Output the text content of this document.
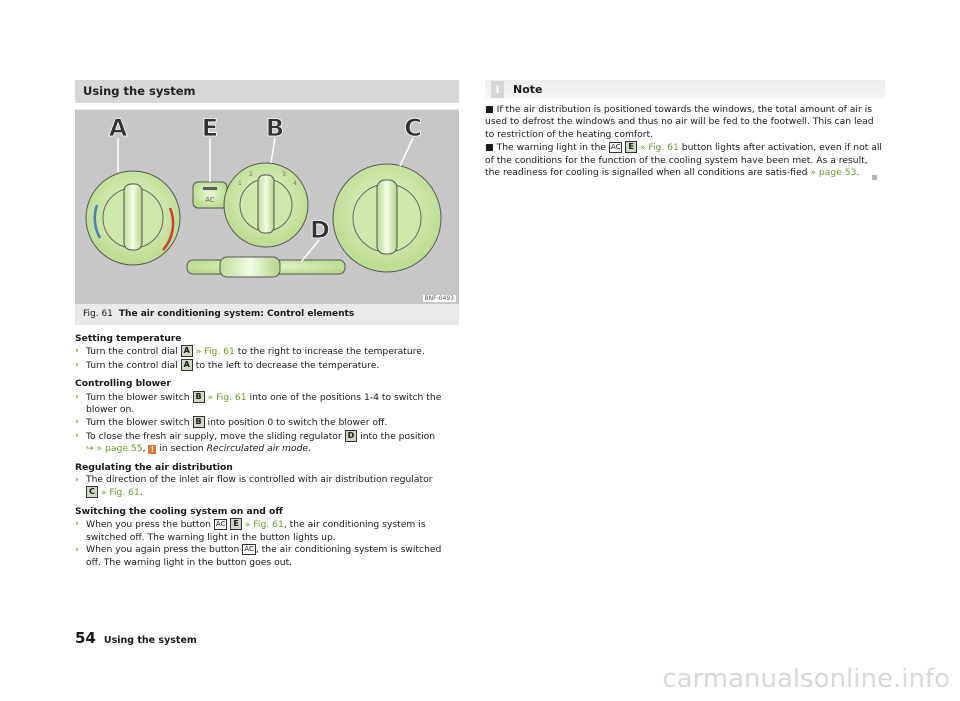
Using the system
AC
1
2	3
4
A	E B	C
D
BNF-0493
Fig. 61 The air conditioning system: Control elements
Setting temperature
› Turn the control dial A » Fig. 61 to the right to increase the temperature.
› Turn the control dial A to the left to decrease the temperature.
Controlling blower
› Turn the blower switch B » Fig. 61 into one of the positions 1-4 to switch the blower on.
› Turn the blower switch B into position 0 to switch the blower off.
› To close the fresh air supply, move the sliding regulator D into the position
↪ » page 55, ! in section Recirculated air mode.
Regulating the air distribution
› The direction of the inlet air flow is controlled with air distribution regulator
C » Fig. 61.
Switching the cooling system on and off
› When you press the button AC E » Fig. 61, the air conditioning system is switched off. The warning light in the button lights up.
› When you again press the button AC , the air conditioning system is switched off. The warning light in the button goes out.
i	Note
■ If the air distribution is positioned towards the windows, the total amount of air is used to defrost the windows and thus no air will be fed to the footwell. This can lead to restriction of the heating comfort.
■ The warning light in the AC E » Fig. 61 button lights after activation, even if not all of the conditions for the function of the cooling system have been met. As a result, the readiness for cooling is signalled when all conditions are satis-fied » page 53.
54 Using the system
carmanualsonline.info
